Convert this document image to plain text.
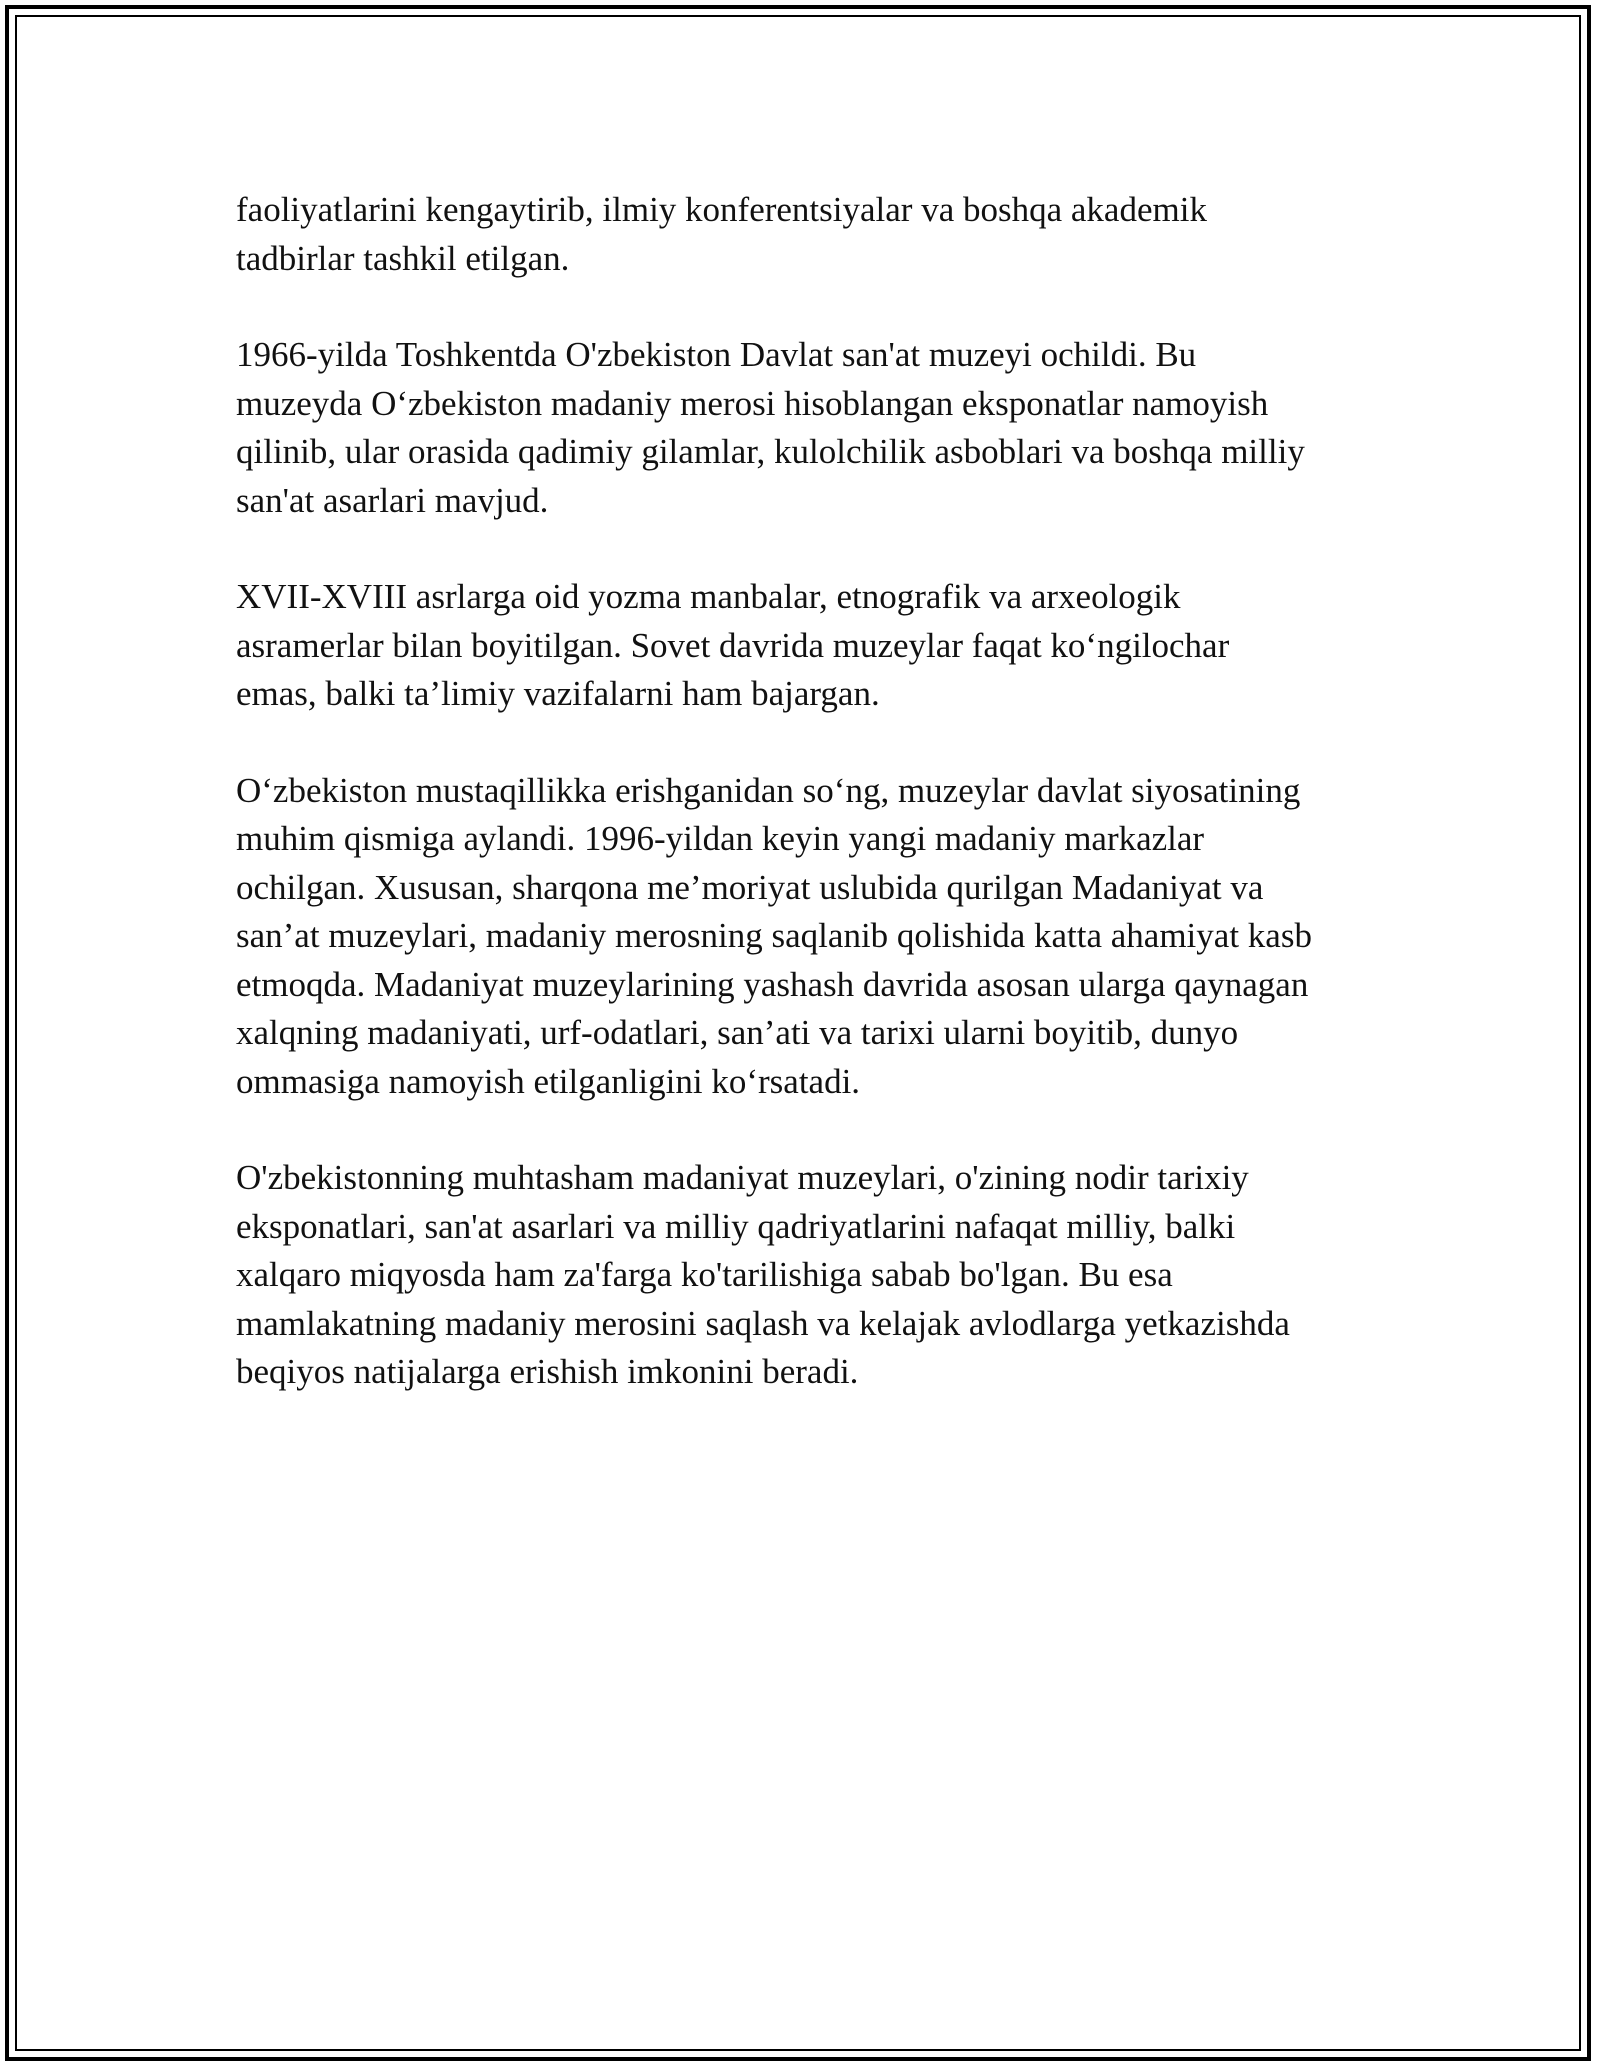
faoliyatlarini kengaytirib, ilmiy konferentsiyalar va boshqa akademik
tadbirlar tashkil etilgan.

1966-yilda Toshkentda O'zbekiston Davlat san'at muzeyi ochildi. Bu
muzeyda O‘zbekiston madaniy merosi hisoblangan eksponatlar namoyish
qilinib, ular orasida qadimiy gilamlar, kulolchilik asboblari va boshqa milliy
san'at asarlari mavjud.

XVII-XVIII asrlarga oid yozma manbalar, etnografik va arxeologik
asramerlar bilan boyitilgan. Sovet davrida muzeylar faqat ko‘ngilochar
emas, balki ta’limiy vazifalarni ham bajargan.

O‘zbekiston mustaqillikka erishganidan so‘ng, muzeylar davlat siyosatining
muhim qismiga aylandi. 1996-yildan keyin yangi madaniy markazlar
ochilgan. Xususan, sharqona me’moriyat uslubida qurilgan Madaniyat va
san’at muzeylari, madaniy merosning saqlanib qolishida katta ahamiyat kasb
etmoqda. Madaniyat muzeylarining yashash davrida asosan ularga qaynagan
xalqning madaniyati, urf-odatlari, san’ati va tarixi ularni boyitib, dunyo
ommasiga namoyish etilganligini ko‘rsatadi.

O'zbekistonning muhtasham madaniyat muzeylari, o'zining nodir tarixiy
eksponatlari, san'at asarlari va milliy qadriyatlarini nafaqat milliy, balki
xalqaro miqyosda ham za'farga ko'tarilishiga sabab bo'lgan. Bu esa
mamlakatning madaniy merosini saqlash va kelajak avlodlarga yetkazishda
beqiyos natijalarga erishish imkonini beradi.
